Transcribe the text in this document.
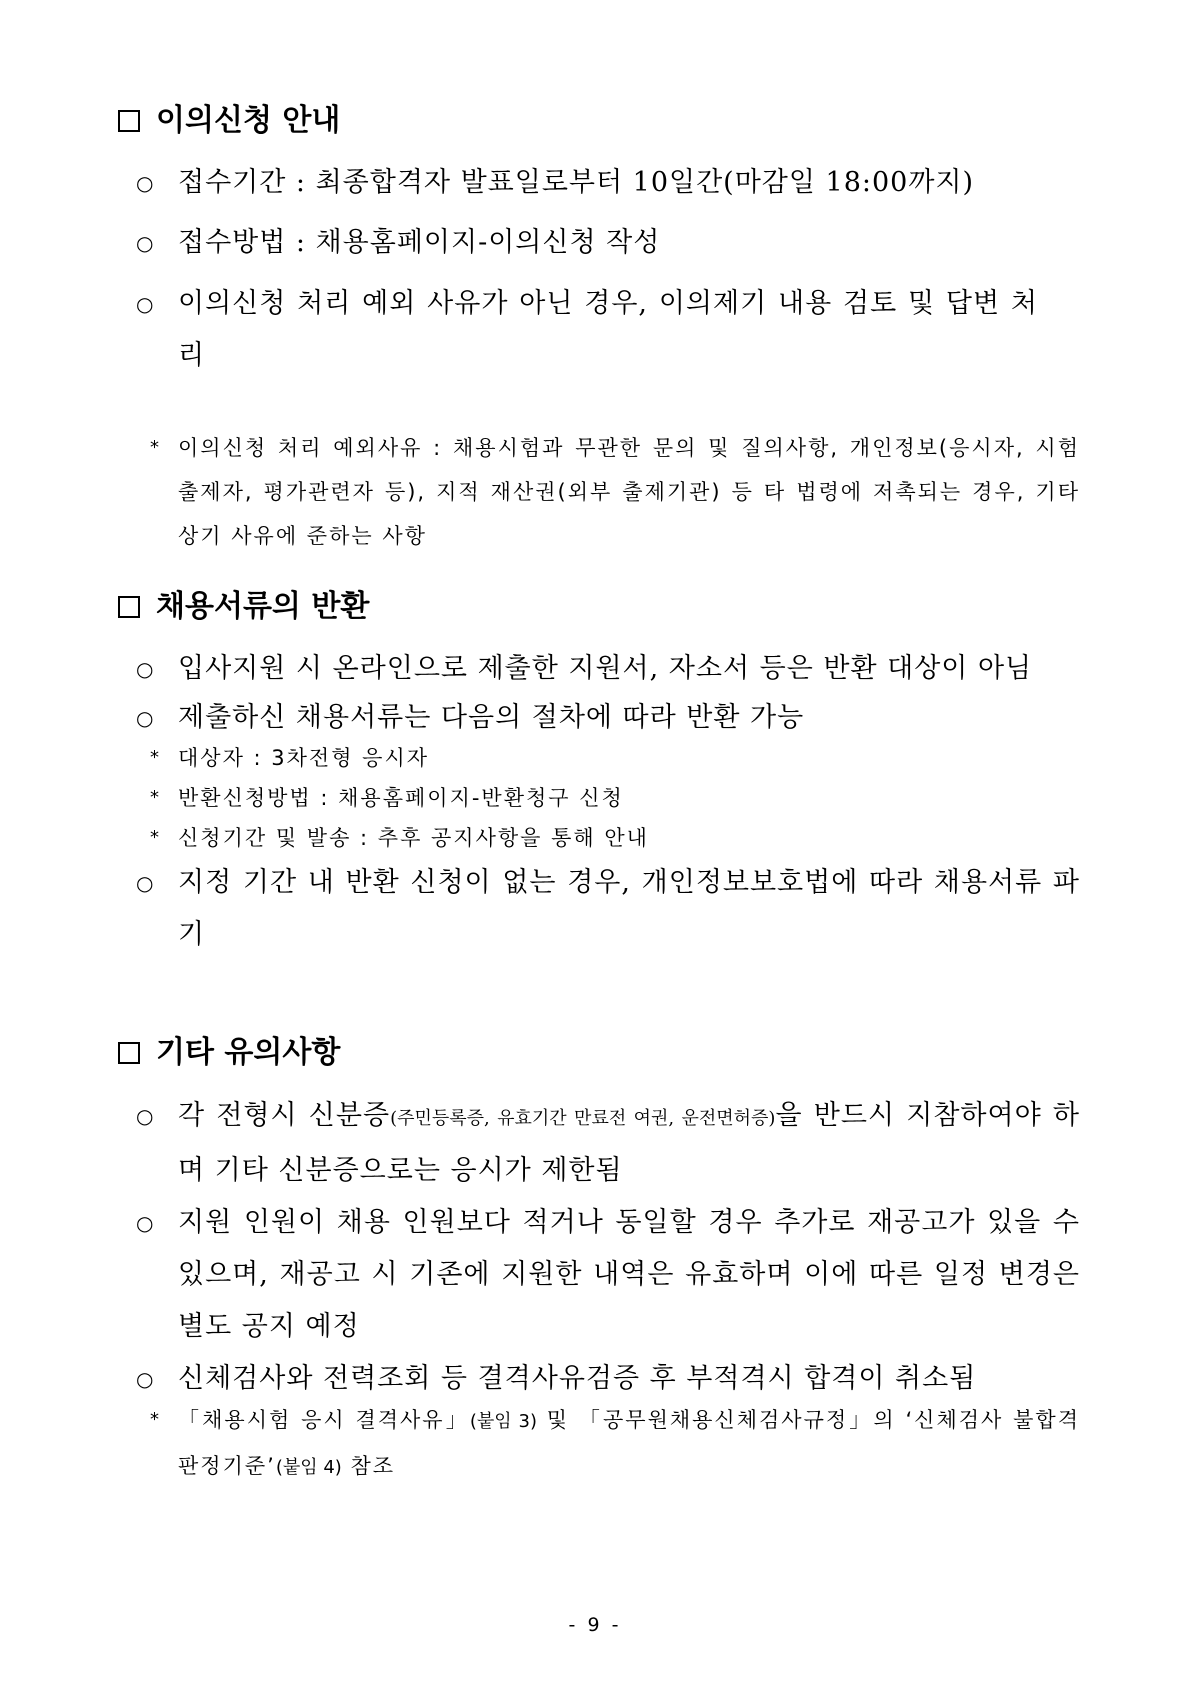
이의신청 안내
○ 접수기간 : 최종합격자 발표일로부터 10일간(마감일 18:00까지)
○ 접수방법 : 채용홈페이지-이의신청 작성
○ 이의신청 처리 예외 사유가 아닌 경우, 이의제기 내용 검토 및 답변 처리
* 이의신청 처리 예외사유 : 채용시험과 무관한 문의 및 질의사항, 개인정보(응시자, 시험출제자, 평가관련자 등), 지적 재산권(외부 출제기관) 등 타 법령에 저촉되는 경우, 기타 상기 사유에 준하는 사항
채용서류의 반환
○ 입사지원 시 온라인으로 제출한 지원서, 자소서 등은 반환 대상이 아님
○ 제출하신 채용서류는 다음의 절차에 따라 반환 가능
* 대상자 : 3차전형 응시자
* 반환신청방법 : 채용홈페이지-반환청구 신청
* 신청기간 및 발송 : 추후 공지사항을 통해 안내
○ 지정 기간 내 반환 신청이 없는 경우, 개인정보보호법에 따라 채용서류 파기
기타 유의사항
○ 각 전형시 신분증(주민등록증, 유효기간 만료전 여권, 운전면허증)을 반드시 지참하여야 하며 기타 신분증으로는 응시가 제한됨
○ 지원 인원이 채용 인원보다 적거나 동일할 경우 추가로 재공고가 있을 수 있으며, 재공고 시 기존에 지원한 내역은 유효하며 이에 따른 일정 변경은 별도 공지 예정
○ 신체검사와 전력조회 등 결격사유검증 후 부적격시 합격이 취소됨
* 「채용시험 응시 결격사유」(붙임 3) 및 「공무원채용신체검사규정」의 ‘신체검사 불합격 판정기준’(붙임 4) 참조
- 9 -
